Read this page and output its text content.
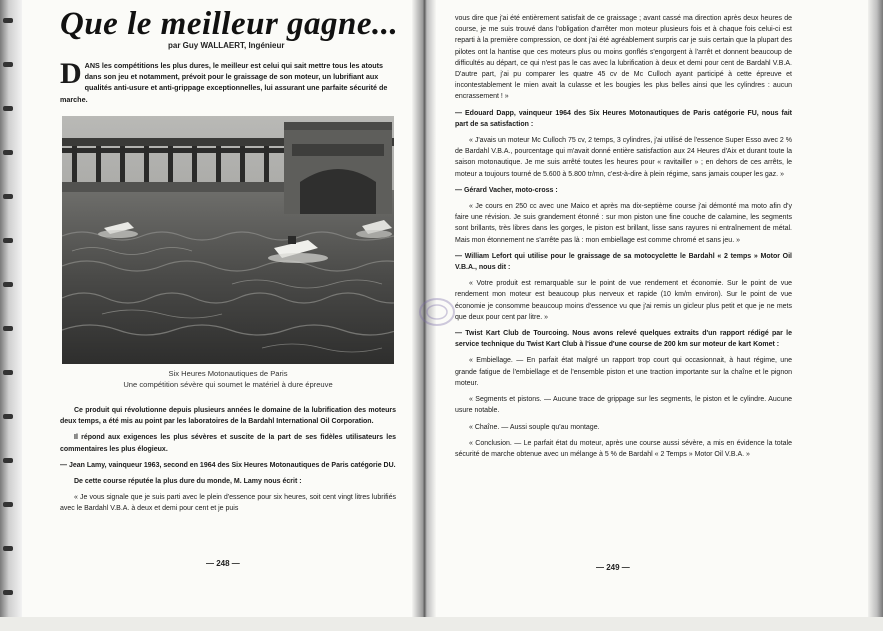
Que le meilleur gagne...
par Guy WALLAERT, Ingénieur
D ANS les compétitions les plus dures, le meilleur est celui qui sait mettre tous les atouts dans son jeu et notamment, prévoit pour le graissage de son moteur, un lubrifiant aux qualités anti-usure et anti-grippage exceptionnelles, lui assurant une parfaite sécurité de marche.
Six Heures Motonautiques de Paris
Une compétition sévère qui soumet le matériel à dure épreuve

Ce produit qui révolutionne depuis plusieurs années le domaine de la lubrification des moteurs deux temps, a été mis au point par les laboratoires de la Bardahl International Oil Corporation.

Il répond aux exigences les plus sévères et suscite de la part de ses fidèles utilisateurs les commentaires les plus élogieux.

— Jean Lamy, vainqueur 1963, second en 1964 des Six Heures Motonautiques de Paris catégorie DU.

De cette course réputée la plus dure du monde, M. Lamy nous écrit :

« Je vous signale que je suis parti avec le plein d'essence pour six heures, soit cent vingt litres lubrifiés avec le Bardahl V.B.A. à deux et demi pour cent et je puis

— 248 —

vous dire que j'ai été entièrement satisfait de ce graissage ; avant cassé ma direction après deux heures de course, je me suis trouvé dans l'obligation d'arrêter mon moteur plusieurs fois et à chaque fois celui-ci est reparti à la première compression, ce dont j'ai été agréablement surpris car je suis certain que la plupart des pilotes ont la hantise que ces moteurs plus ou moins gonflés s'engorgent à l'arrêt et donnent beaucoup de difficultés au départ, ce qui n'est pas le cas avec la lubrification à deux et demi pour cent de Bardahl V.B.A. D'autre part, j'ai pu comparer les quatre 45 cv de Mc Culloch ayant participé à cette épreuve et incontestablement le mien avait la culasse et les bougies les plus belles ainsi que les cylindres : aucun encrassement ! »

— Edouard Dapp, vainqueur 1964 des Six Heures Motonautiques de Paris catégorie FU, nous fait part de sa satisfaction :

« J'avais un moteur Mc Culloch 75 cv, 2 temps, 3 cylindres, j'ai utilisé de l'essence Super Esso avec 2 % de Bardahl V.B.A., pourcentage qui m'avait donné entière satisfaction aux 24 Heures d'Aix et durant toute la saison motonautique. Je me suis arrêté toutes les heures pour « ravitailler » ; en dehors de ces arrêts, le moteur a toujours tourné de 5.600 à 5.800 tr/mn, c'est-à-dire à plein régime, sans jamais couper les gaz. »

— Gérard Vacher, moto-cross :

« Je cours en 250 cc avec une Maico et après ma dix-septième course j'ai démonté ma moto afin d'y faire une révision. Je suis grandement étonné : sur mon piston une fine couche de calamine, les segments sont brillants, très libres dans les gorges, le piston est brillant, lisse sans rayures ni entraînement de métal. Mais mon étonnement ne s'arrête pas là : mon embiellage est comme chromé et sans jeu. »

— William Lefort qui utilise pour le graissage de sa motocyclette le Bardahl « 2 temps » Motor Oil V.B.A., nous dit :

« Votre produit est remarquable sur le point de vue rendement et économie. Sur le point de vue rendement mon moteur est beaucoup plus nerveux et rapide (10 km/m environ). Sur le point de vue économie je consomme beaucoup moins d'essence vu que j'ai remis un gicleur plus petit et que je ne mets que deux pour cent par litre. »

— Twist Kart Club de Tourcoing. Nous avons relevé quelques extraits d'un rapport rédigé par le service technique du Twist Kart Club à l'issue d'une course de 200 km sur moteur de kart Komet :

« Embiellage. — En parfait état malgré un rapport trop court qui occasionnait, à haut régime, une grande fatigue de l'embiellage et de l'ensemble piston et une traction importante sur la chaîne et le pignon moteur.

« Segments et pistons. — Aucune trace de grippage sur les segments, le piston et le cylindre. Aucune usure notable.

« Chaîne. — Aussi souple qu'au montage.

« Conclusion. — Le parfait état du moteur, après une course aussi sévère, a mis en évidence la totale sécurité de marche obtenue avec un mélange à 5 % de Bardahl « 2 Temps » Motor Oil V.B.A. »

— 249 —
